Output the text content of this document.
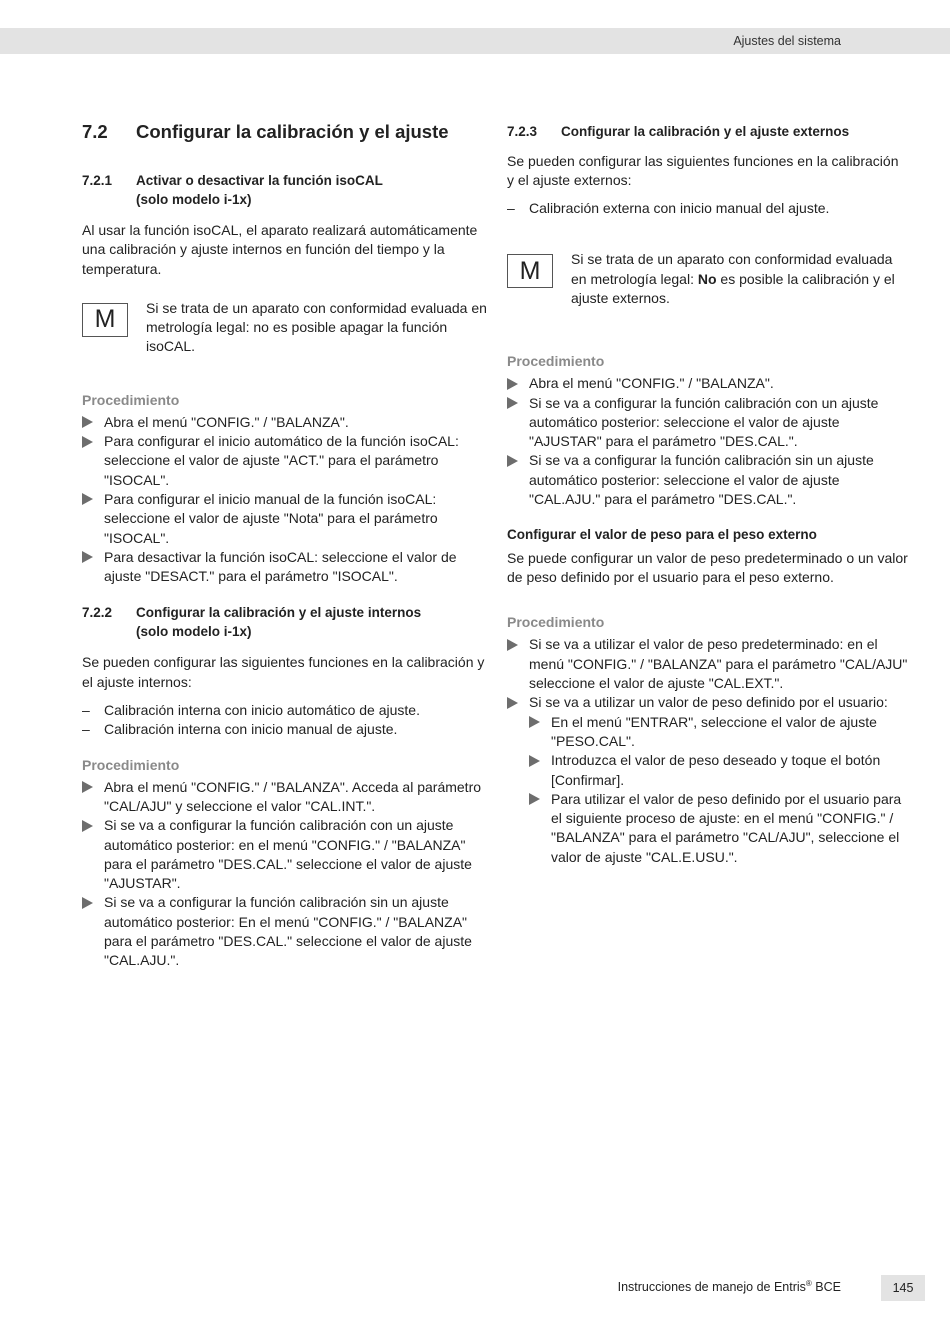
Ajustes del sistema
7.2	Configurar la calibración y el ajuste
7.2.1	Activar o desactivar la función isoCAL
(solo modelo i-1x)

Al usar la función isoCAL, el aparato realizará automáticamente una calibración y ajuste internos en función del tiempo y la temperatura.

M	Si se trata de un aparato con conformidad evaluada en metrología legal: no es posible apagar la función isoCAL.

Procedimiento
Abra el menú "CONFIG." / "BALANZA".
Para configurar el inicio automático de la función isoCAL: seleccione el valor de ajuste "ACT." para el parámetro "ISOCAL".
Para configurar el inicio manual de la función isoCAL: seleccione el valor de ajuste "Nota" para el parámetro "ISOCAL".
Para desactivar la función isoCAL: seleccione el valor de ajuste "DESACT." para el parámetro "ISOCAL".
7.2.2	Configurar la calibración y el ajuste internos
(solo modelo i-1x)

Se pueden configurar las siguientes funciones en la calibración y el ajuste internos:

–	Calibración interna con inicio automático de ajuste.
–	Calibración interna con inicio manual de ajuste.
Procedimiento
Abra el menú "CONFIG." / "BALANZA". Acceda al parámetro "CAL/AJU" y seleccione el valor "CAL.INT.".
Si se va a configurar la función calibración con un ajuste automático posterior: en el menú "CONFIG." / "BALANZA" para el parámetro "DES.CAL." seleccione el valor de ajuste "AJUSTAR".
Si se va a configurar la función calibración sin un ajuste automático posterior: En el menú "CONFIG." / "BALANZA" para el parámetro "DES.CAL." seleccione el valor de ajuste "CAL.AJU.".
7.2.3	Configurar la calibración y el ajuste externos

Se pueden configurar las siguientes funciones en la calibración y el ajuste externos:

–	Calibración externa con inicio manual del ajuste.
M	Si se trata de un aparato con conformidad evaluada en metrología legal: No es posible la calibración y el ajuste externos.

Procedimiento
Abra el menú "CONFIG." / "BALANZA".
Si se va a configurar la función calibración con un ajuste automático posterior: seleccione el valor de ajuste "AJUSTAR" para el parámetro "DES.CAL.".
Si se va a configurar la función calibración sin un ajuste automático posterior: seleccione el valor de ajuste "CAL.AJU." para el parámetro "DES.CAL.".
Configurar el valor de peso para el peso externo

Se puede configurar un valor de peso predeterminado o un valor de peso definido por el usuario para el peso externo.

Procedimiento
Si se va a utilizar el valor de peso predeterminado: en el menú "CONFIG." / "BALANZA" para el parámetro "CAL/AJU" seleccione el valor de ajuste "CAL.EXT.".
Si se va a utilizar un valor de peso definido por el usuario:
En el menú "ENTRAR", seleccione el valor de ajuste "PESO.CAL".
Introduzca el valor de peso deseado y toque el botón [Confirmar].
Para utilizar el valor de peso definido por el usuario para el siguiente proceso de ajuste: en el menú "CONFIG." / "BALANZA" para el parámetro "CAL/AJU", seleccione el valor de ajuste "CAL.E.USU.".
Instrucciones de manejo de Entris® BCE	145
